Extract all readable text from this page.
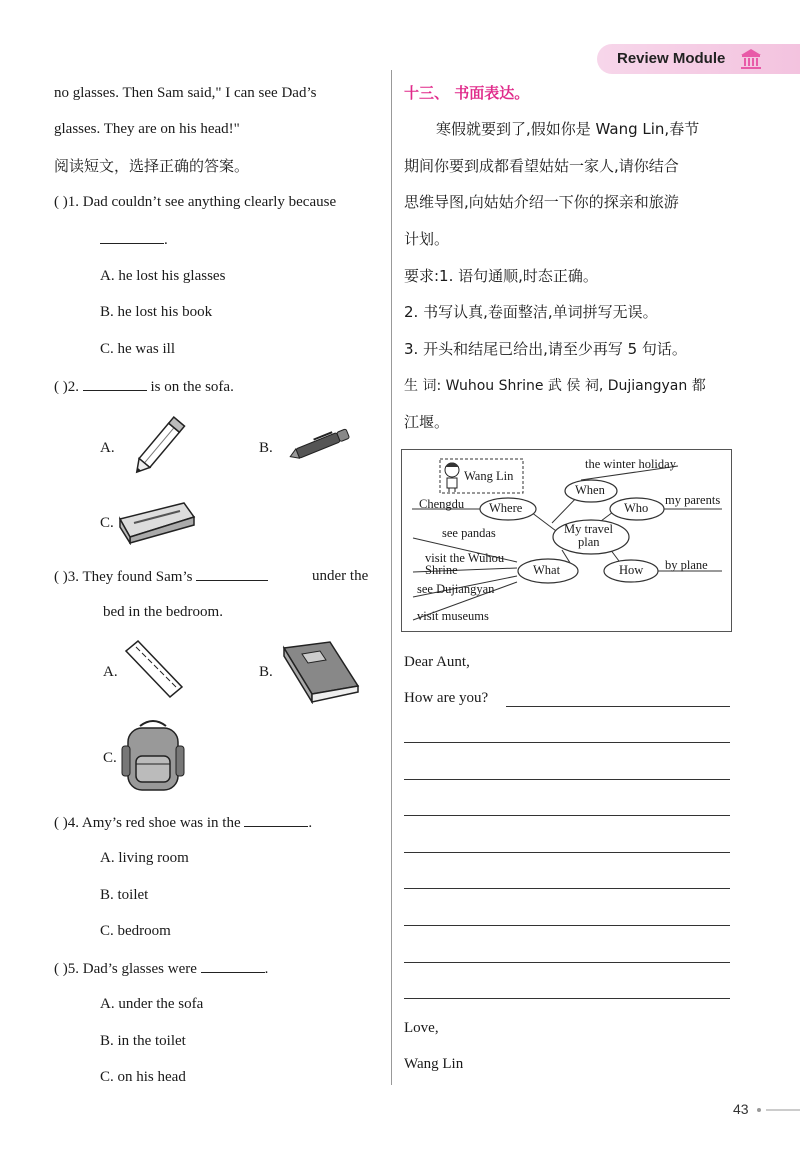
Review Module
no glasses. Then Sam said," I can see Dad’s
glasses. They are on his head!"
阅读短文，选择正确的答案。
( )1. Dad couldn’t see anything clearly because
.
A. he lost his glasses
B. he lost his book
C. he was ill
( )2.	is on the sofa.
A.	B.
C.
( )3. They found Sam’s	under the
bed in the bedroom.
A.	B.
C.
( )4. Amy’s red shoe was in the	.
A. living room
B. toilet
C. bedroom
( )5. Dad’s glasses were	.
A. under the sofa
B. in the toilet
C. on his head
十三、 书面表达。
寒假就要到了,假如你是 Wang Lin,春节
期间你要到成都看望姑姑一家人,请你结合
思维导图,向姑姑介绍一下你的探亲和旅游
计划。
要求:1. 语句通顺,时态正确。
2. 书写认真,卷面整洁,单词拼写无误。
3. 开头和结尾已给出,请至少再写 5 句话。
生 词: Wuhou Shrine 武 侯 祠, Dujiangyan 都
江堰。
Wang Lin
My travel
plan
When
the winter holiday
Who
my parents
Where
Chengdu
How by plane
What
see pandas
visit the Wuhou
Shrine
see Dujiangyan
visit museums
Dear Aunt,
How are you?
Love,
Wang Lin
43
